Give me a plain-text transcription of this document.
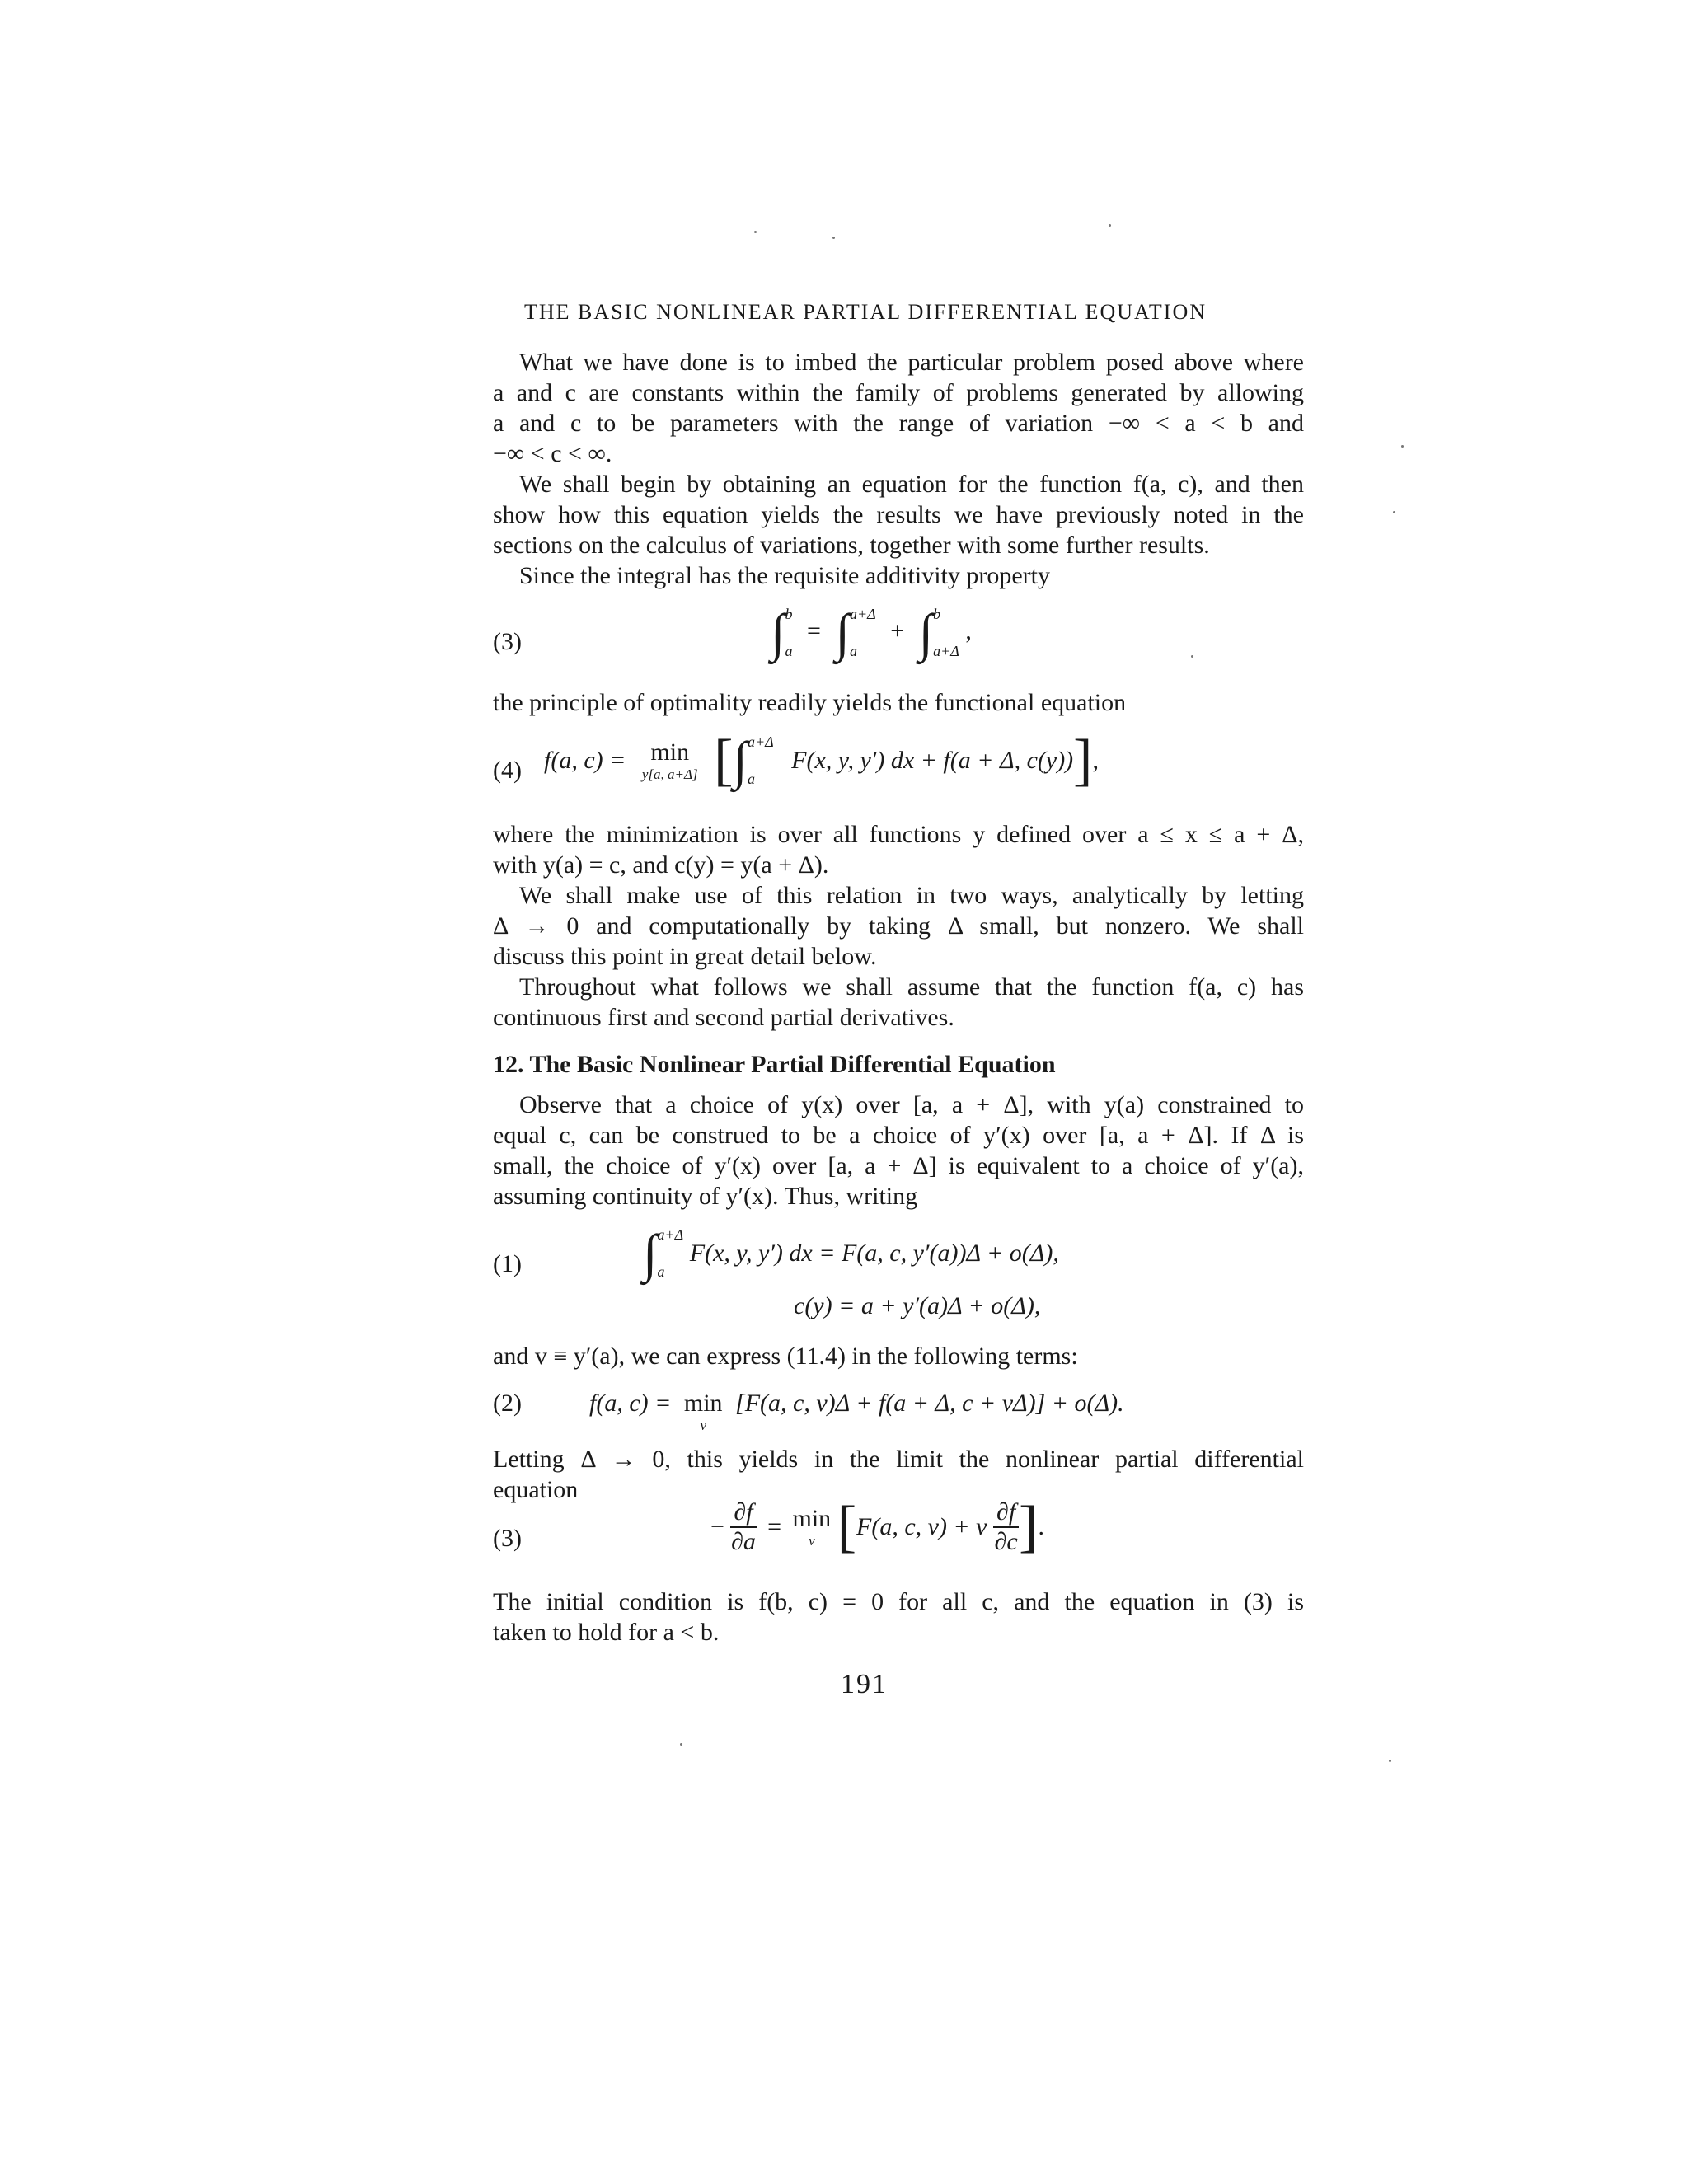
THE BASIC NONLINEAR PARTIAL DIFFERENTIAL EQUATION
What we have done is to imbed the particular problem posed above where
a and c are constants within the family of problems generated by allowing
a and c to be parameters with the range of variation −∞ < a < b and
−∞ < c < ∞.
We shall begin by obtaining an equation for the function f(a, c), and then
show how this equation yields the results we have previously noted in the
sections on the calculus of variations, together with some further results.
Since the integral has the requisite additivity property
(3)	∫ b
a
= ∫ a+Δ
a
+ ∫ b
a+Δ
,
the principle of optimality readily yields the functional equation
(4) f(a, c) =	min
y[a, a+Δ] [∫ a+Δ
a
F(x, y, y′) dx + f(a + Δ, c(y))],
where the minimization is over all functions y defined over a ≤ x ≤ a + Δ,
with y(a) = c, and c(y) = y(a + Δ).
We shall make use of this relation in two ways, analytically by letting
Δ → 0 and computationally by taking Δ small, but nonzero. We shall
discuss this point in great detail below.
Throughout what follows we shall assume that the function f(a, c) has
continuous first and second partial derivatives.
12. The Basic Nonlinear Partial Differential Equation
Observe that a choice of y(x) over [a, a + Δ], with y(a) constrained to
equal c, can be construed to be a choice of y′(x) over [a, a + Δ]. If Δ is
small, the choice of y′(x) over [a, a + Δ] is equivalent to a choice of y′(a),
assuming continuity of y′(x). Thus, writing
(1) ∫ a+Δ
a
F(x, y, y′) dx = F(a, c, y′(a))Δ + o(Δ),
c(y) = a + y′(a)Δ + o(Δ),
and v ≡ y′(a), we can express (11.4) in the following terms:
(2)	f(a, c) = min
v
[F(a, c, v)Δ + f(a + Δ, c + vΔ)] + o(Δ).
Letting Δ → 0, this yields in the limit the nonlinear partial differential
equation
(3)	− $\frac{\partial f}{\partial a} = \min$
v [F(a, c, v) + v $\frac{\partial f}{\partial c}$ ].
The initial condition is f(b, c) = 0 for all c, and the equation in (3) is
taken to hold for a < b.
191
